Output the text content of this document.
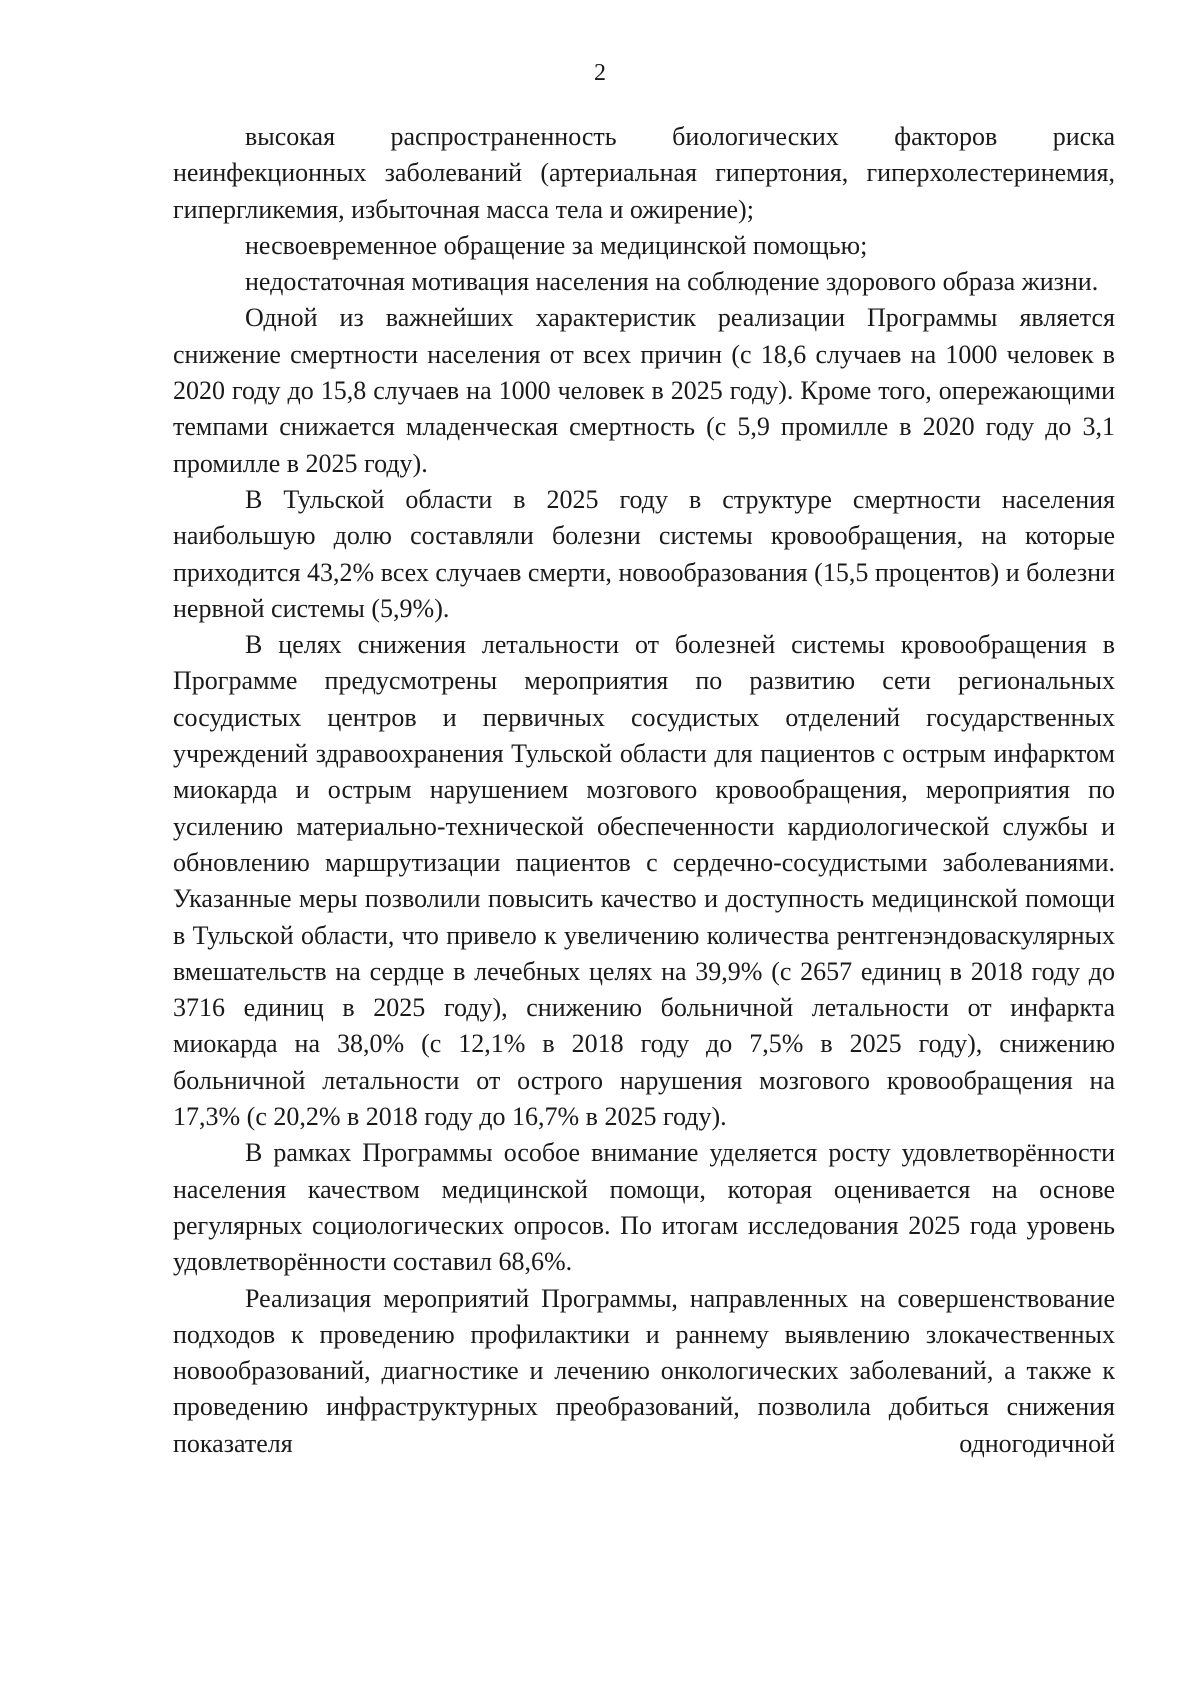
2

высокая распространенность биологических факторов риска неинфекционных заболеваний (артериальная гипертония, гиперхолестеринемия, гипергликемия, избыточная масса тела и ожирение);

несвоевременное обращение за медицинской помощью;

недостаточная мотивация населения на соблюдение здорового образа жизни.

Одной из важнейших характеристик реализации Программы является снижение смертности населения от всех причин (с 18,6 случаев на 1000 человек в 2020 году до 15,8 случаев на 1000 человек в 2025 году). Кроме того, опережающими темпами снижается младенческая смертность (с 5,9 промилле в 2020 году до 3,1 промилле в 2025 году).

В Тульской области в 2025 году в структуре смертности населения наибольшую долю составляли болезни системы кровообращения, на которые приходится 43,2% всех случаев смерти, новообразования (15,5 процентов) и болезни нервной системы (5,9%).

В целях снижения летальности от болезней системы кровообращения в Программе предусмотрены мероприятия по развитию сети региональных сосудистых центров и первичных сосудистых отделений государственных учреждений здравоохранения Тульской области для пациентов с острым инфарктом миокарда и острым нарушением мозгового кровообращения, мероприятия по усилению материально-технической обеспеченности кардиологической службы и обновлению маршрутизации пациентов с сердечно-сосудистыми заболеваниями. Указанные меры позволили повысить качество и доступность медицинской помощи в Тульской области, что привело к увеличению количества рентгенэндоваскулярных вмешательств на сердце в лечебных целях на 39,9% (с 2657 единиц в 2018 году до 3716 единиц в 2025 году), снижению больничной летальности от инфаркта миокарда на 38,0% (с 12,1% в 2018 году до 7,5% в 2025 году), снижению больничной летальности от острого нарушения мозгового кровообращения на 17,3% (с 20,2% в 2018 году до 16,7% в 2025 году).

В рамках Программы особое внимание уделяется росту удовлетворённости населения качеством медицинской помощи, которая оценивается на основе регулярных социологических опросов. По итогам исследования 2025 года уровень удовлетворённости составил 68,6%.

Реализация мероприятий Программы, направленных на совершенствование подходов к проведению профилактики и раннему выявлению злокачественных новообразований, диагностике и лечению онкологических заболеваний, а также к проведению инфраструктурных преобразований, позволила добиться снижения показателя одногодичной
